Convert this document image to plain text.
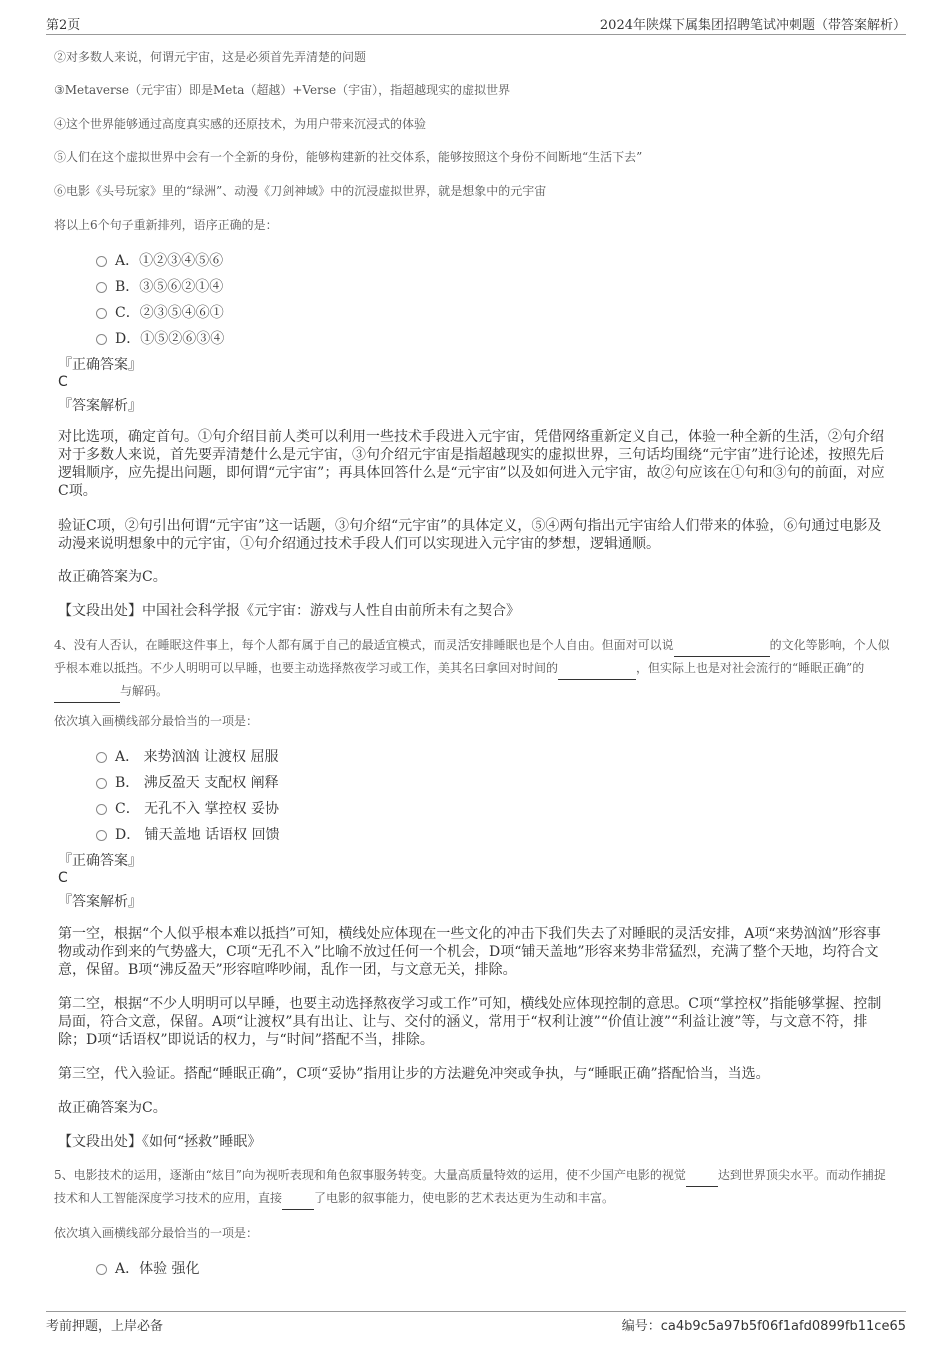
第2页	2024年陕煤下属集团招聘笔试冲刺题（带答案解析）
②对多数人来说，何谓元宇宙，这是必须首先弄清楚的问题
③Metaverse（元宇宙）即是Meta（超越）+Verse（宇宙），指超越现实的虚拟世界
④这个世界能够通过高度真实感的还原技术，为用户带来沉浸式的体验
⑤人们在这个虚拟世界中会有一个全新的身份，能够构建新的社交体系，能够按照这个身份不间断地“生活下去”
⑥电影《头号玩家》里的“绿洲”、动漫《刀剑神域》中的沉浸虚拟世界，就是想象中的元宇宙
将以上6个句子重新排列，语序正确的是：
A．①②③④⑤⑥
B．③⑤⑥②①④
C．②③⑤④⑥①
D．①⑤②⑥③④
『正确答案』
C
『答案解析』
对比选项，确定首句。①句介绍目前人类可以利用一些技术手段进入元宇宙，凭借网络重新定义自己，体验一种全新的生活，②句介绍对于多数人来说，首先要弄清楚什么是元宇宙，③句介绍元宇宙是指超越现实的虚拟世界，三句话均围绕“元宇宙”进行论述，按照先后逻辑顺序，应先提出问题，即何谓“元宇宙”；再具体回答什么是“元宇宙”以及如何进入元宇宙，故②句应该在①句和③句的前面，对应C项。
验证C项，②句引出何谓“元宇宙”这一话题，③句介绍“元宇宙”的具体定义，⑤④两句指出元宇宙给人们带来的体验，⑥句通过电影及动漫来说明想象中的元宇宙，①句介绍通过技术手段人们可以实现进入元宇宙的梦想，逻辑通顺。
故正确答案为C。
【文段出处】中国社会科学报《元宇宙：游戏与人性自由前所未有之契合》
4、没有人否认，在睡眠这件事上，每个人都有属于自己的最适宜模式，而灵活安排睡眠也是个人自由。但面对可以说	的文化等影响，个人似乎根本难以抵挡。不少人明明可以早睡，也要主动选择熬夜学习或工作，美其名曰拿回对时间的	，但实际上也是对社会流行的“睡眠正确”的 与解码。
依次填入画横线部分最恰当的一项是：
A． 来势汹汹 让渡权 屈服
B． 沸反盈天 支配权 阐释
C． 无孔不入 掌控权 妥协
D． 铺天盖地 话语权 回馈
『正确答案』
C
『答案解析』
第一空，根据“个人似乎根本难以抵挡”可知，横线处应体现在一些文化的冲击下我们失去了对睡眠的灵活安排，A项“来势汹汹”形容事物或动作到来的气势盛大，C项“无孔不入”比喻不放过任何一个机会，D项“铺天盖地”形容来势非常猛烈，充满了整个天地，均符合文意，保留。B项“沸反盈天”形容喧哗吵闹，乱作一团，与文意无关，排除。
第二空，根据“不少人明明可以早睡，也要主动选择熬夜学习或工作”可知，横线处应体现控制的意思。C项“掌控权”指能够掌握、控制局面，符合文意，保留。A项“让渡权”具有出让、让与、交付的涵义，常用于“权利让渡”“价值让渡”“利益让渡”等，与文意不符，排除；D项“话语权”即说话的权力，与“时间”搭配不当，排除。
第三空，代入验证。搭配“睡眠正确”，C项“妥协”指用让步的方法避免冲突或争执，与“睡眠正确”搭配恰当，当选。
故正确答案为C。
【文段出处】《如何“拯救”睡眠》
5、电影技术的运用，逐渐由“炫目”向为视听表现和角色叙事服务转变。大量高质量特效的运用，使不少国产电影的视觉	达到世界顶尖水平。而动作捕捉技术和人工智能深度学习技术的应用，直接	了电影的叙事能力，使电影的艺术表达更为生动和丰富。
依次填入画横线部分最恰当的一项是：
A．体验 强化
考前押题，上岸必备	编号：ca4b9c5a97b5f06f1afd0899fb11ce65
